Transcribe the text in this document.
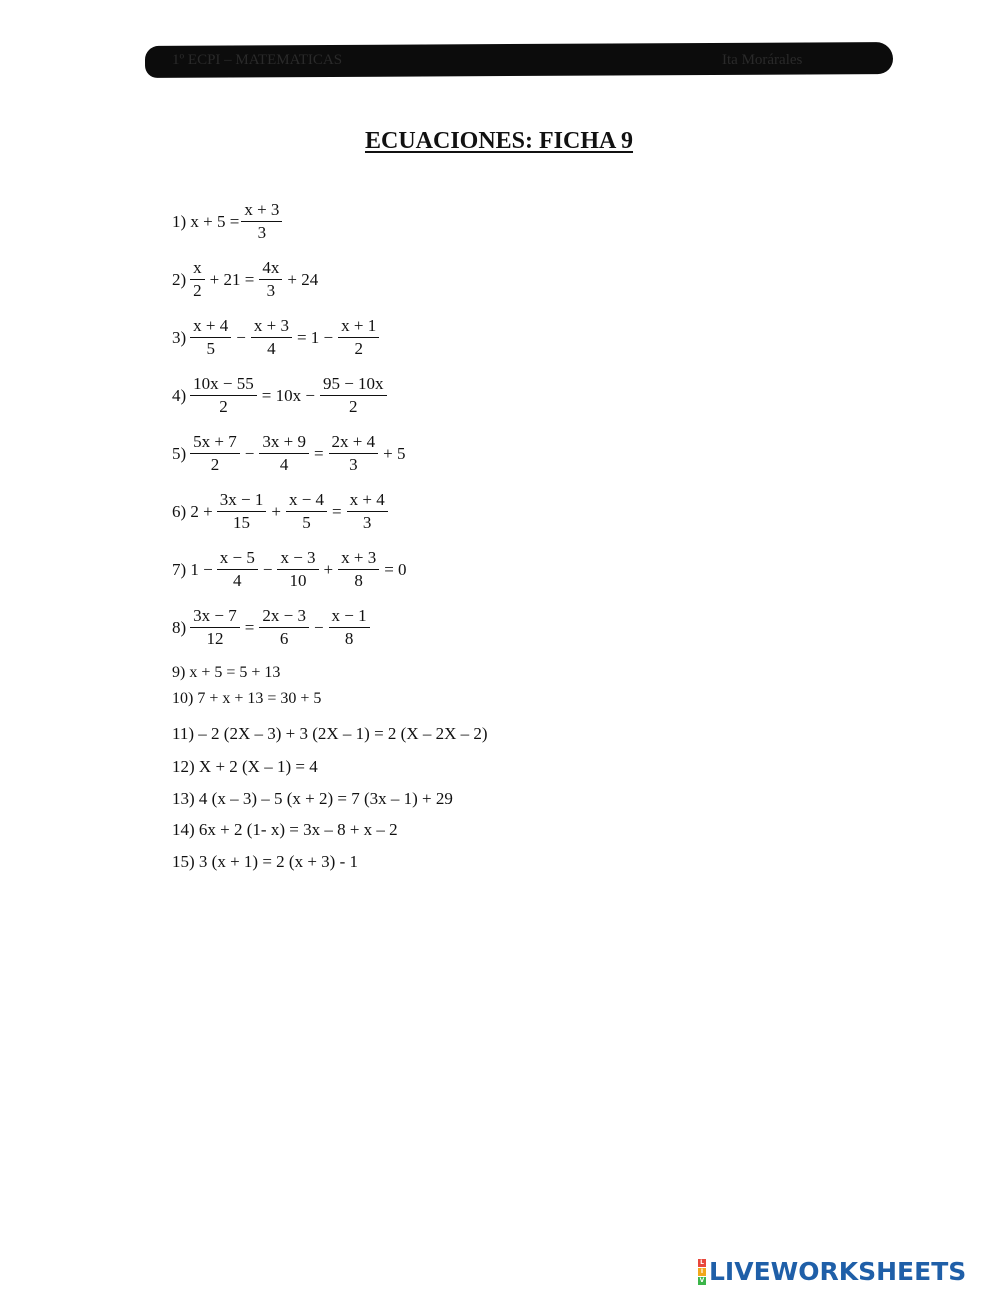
1º ECPI – MATEMATICAS	Ita Morárales
ECUACIONES: FICHA 9
1) $x + 5 = \frac{x + 3}{3}$
$2) \frac{x}{2} + 21 = \frac{4x}{3} + 24$
$3) \frac{x + 4}{5} - \frac{x + 3}{4} = 1 - \frac{x + 1}{2}$
$4) \frac{10x - 55}{2} = 10x - \frac{95 - 10x}{2}$
$5) \frac{5x + 7}{2} - \frac{3x + 9}{4} = \frac{2x + 4}{3} + 5$
6) $2 + \frac{3x - 1}{15} + \frac{x - 4}{5} = \frac{x + 4}{3}$
7) $1 - \frac{x - 5}{4} - \frac{x - 3}{10} + \frac{x + 3}{8} = 0$
$8) \frac{3x - 7}{12} = \frac{2x - 3}{6} - \frac{x - 1}{8}$
9) x + 5 = 5 + 13
10) 7 + x + 13 = 30 + 5
11) – 2 (2X – 3) + 3 (2X – 1) = 2 (X – 2X – 2)
12) X + 2 (X – 1) = 4
13) 4 (x – 3) – 5 (x + 2) = 7 (3x – 1) + 29
14) 6x + 2 (1- x) = 3x – 8 + x – 2
15) 3 (x + 1) = 2 (x + 3) - 1
L
I
V LIVEWORKSHEETS
